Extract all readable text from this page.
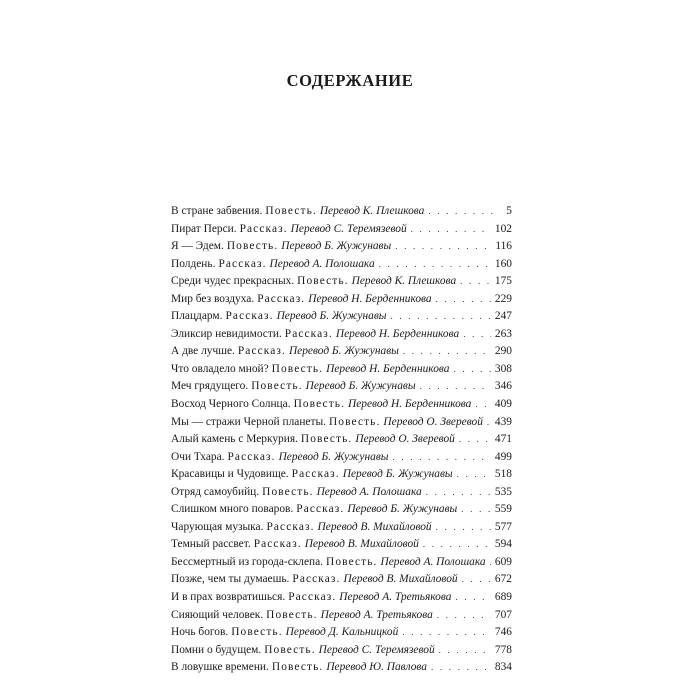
СОДЕРЖАНИЕ
В стране забвения. Повесть. Перевод К. Плешкова . . .	5
Пират Перси. Рассказ. Перевод С. Теремязевой . . .	102
Я — Эдем. Повесть. Перевод Б. Жужунавы . . .	116
Полдень. Рассказ. Перевод А. Полошака . . .	160
Среди чудес прекрасных. Повесть. Перевод К. Плешкова . . .	175
Мир без воздуха. Рассказ. Перевод Н. Берденникова . . .	229
Плацдарм. Рассказ. Перевод Б. Жужунавы . . .	247
Эликсир невидимости. Рассказ. Перевод Н. Берденникова . . .	263
А две лучше. Рассказ. Перевод Б. Жужунавы . . .	290
Что овладело мной? Повесть. Перевод Н. Берденникова . . .	308
Меч грядущего. Повесть. Перевод Б. Жужунавы . . .	346
Восход Черного Солнца. Повесть. Перевод Н. Берденникова . . . 409
Мы — стражи Черной планеты. Повесть. Перевод О. Зверевой . . . 439
Алый камень с Меркурия. Повесть. Перевод О. Зверевой . . .	471
Очи Тхара. Рассказ. Перевод Б. Жужунавы . . .	499
Красавицы и Чудовище. Рассказ. Перевод Б. Жужунавы . . .	518
Отряд самоубийц. Повесть. Перевод А. Полошака . . .	535
Слишком много поваров. Рассказ. Перевод Б. Жужунавы . . .	559
Чарующая музыка. Рассказ. Перевод В. Михайловой . . .	577
Темный рассвет. Рассказ. Перевод В. Михайловой . . .	594
Бессмертный из города-склепа. Повесть. Перевод А. Полошака . . . 609
Позже, чем ты думаешь. Рассказ. Перевод В. Михайловой . . .	672
И в прах возвратишься. Рассказ. Перевод А. Третьякова . . .	689
Сияющий человек. Повесть. Перевод А. Третьякова . . .	707
Ночь богов. Повесть. Перевод Д. Кальницкой . . .	746
Помни о будущем. Повесть. Перевод С. Теремязевой . . .	778
В ловушке времени. Повесть. Перевод Ю. Павлова . . .	834
